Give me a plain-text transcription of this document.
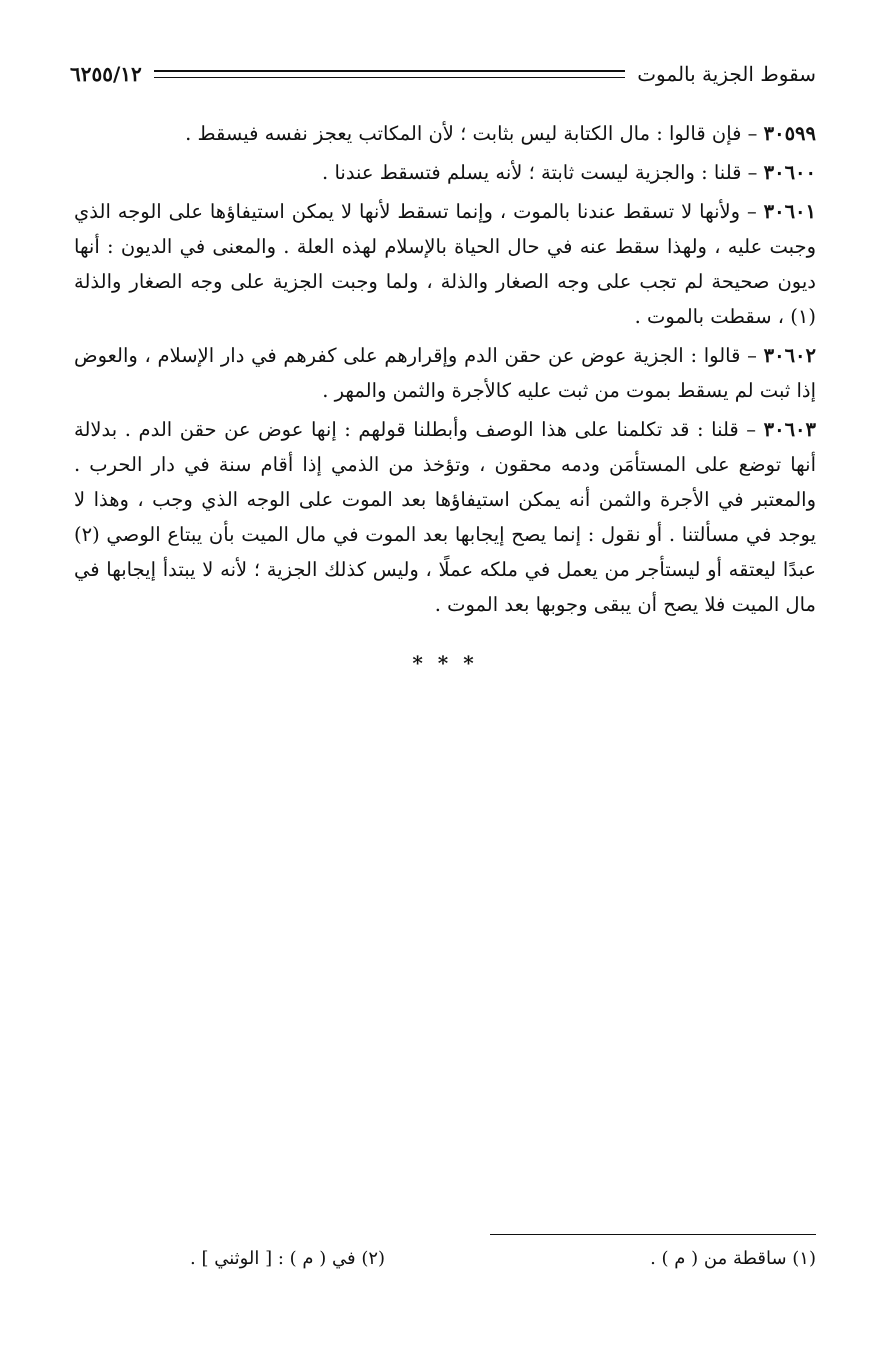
سقوط الجزية بالموت
٦٢٥٥/١٢

٣٠٥٩٩ – فإن قالوا : مال الكتابة ليس بثابت ؛ لأن المكاتب يعجز نفسه فيسقط .

٣٠٦٠٠ – قلنا : والجزية ليست ثابتة ؛ لأنه يسلم فتسقط عندنا .

٣٠٦٠١ – ولأنها لا تسقط عندنا بالموت ، وإنما تسقط لأنها لا يمكن استيفاؤها على الوجه الذي وجبت عليه ، ولهذا سقط عنه في حال الحياة بالإسلام لهذه العلة . والمعنى في الديون : أنها ديون صحيحة لم تجب على وجه الصغار والذلة ، ولما وجبت الجزية على وجه الصغار والذلة (١) ، سقطت بالموت .

٣٠٦٠٢ – قالوا : الجزية عوض عن حقن الدم وإقرارهم على كفرهم في دار الإسلام ، والعوض إذا ثبت لم يسقط بموت من ثبت عليه كالأجرة والثمن والمهر .

٣٠٦٠٣ – قلنا : قد تكلمنا على هذا الوصف وأبطلنا قولهم : إنها عوض عن حقن الدم . بدلالة أنها توضع على المستأمَن ودمه محقون ، وتؤخذ من الذمي إذا أقام سنة في دار الحرب . والمعتبر في الأجرة والثمن أنه يمكن استيفاؤها بعد الموت على الوجه الذي وجب ، وهذا لا يوجد في مسألتنا . أو نقول : إنما يصح إيجابها بعد الموت في مال الميت بأن يبتاع الوصي (٢) عبدًا ليعتقه أو ليستأجر من يعمل في ملكه عملًا ، وليس كذلك الجزية ؛ لأنه لا يبتدأ إيجابها في مال الميت فلا يصح أن يبقى وجوبها بعد الموت .

* * *
(١) ساقطة من ( م ) .
(٢) في ( م ) : [ الوثني ] .
